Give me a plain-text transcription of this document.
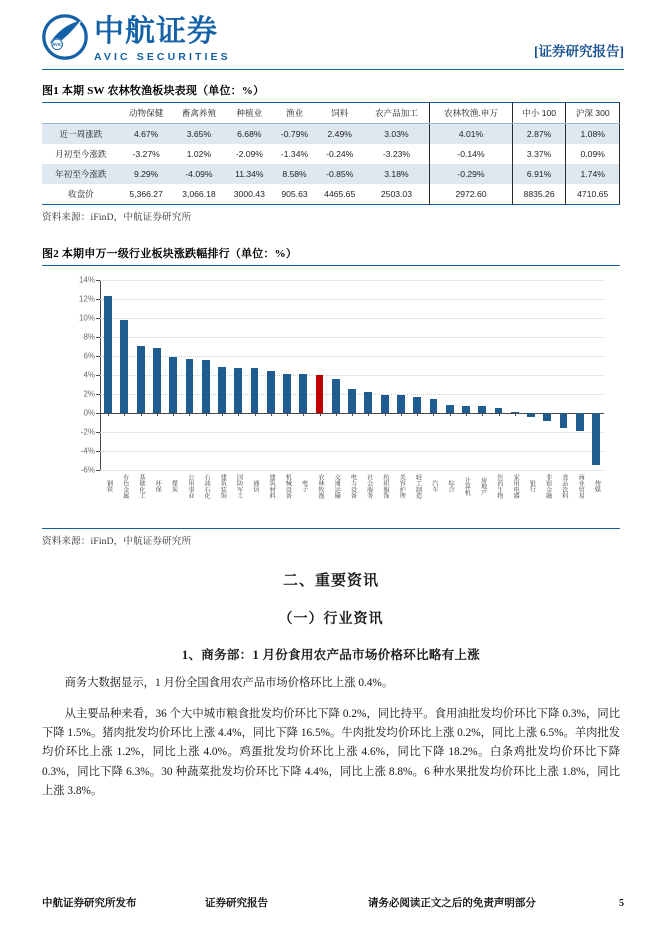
AVIC 中航证券
AVIC SECURITIES	[证券研究报告]
图1 本期 SW 农林牧渔板块表现（单位：%）
	动物保健	畜禽养殖	种植业	渔业	饲料	农产品加工	农林牧渔.申万	中小 100	沪深 300
近一周涨跌	4.67%	3.65%	6.68%	-0.79%	2.49%	3.03%	4.01%	2.87%	1.08%
月初至今涨跌	-3.27%	1.02%	-2.09%	-1.34%	-0.24%	-3.23%	-0.14%	3.37%	0.09%
年初至今涨跌	9.29%	-4.09%	11.34%	8.58%	-0.85%	3.18%	-0.29%	6.91%	1.74%
收盘价	5,366.27	3,066.18	3000.43	905.63	4465.65	2503.03	2972.60	8835.26	4710.65
资料来源：iFinD，中航证券研究所
图2 本期申万一级行业板块涨跌幅排行（单位：%）
-6%
-4%
-2%
0%
2%
4%
6%
8%
10%
12%
14%
钢铁 有色金属 基础化工 环保 煤炭 公用事业 石油石化 建筑装饰 国防军工 通信 建筑材料 机械设备 电子 农林牧渔 交通运输 电力设备 社会服务 纺织服饰 美容护理 轻工制造 汽车 综合 计算机 房地产 医药生物 家用电器 银行 非银金融 食品饮料 商业贸易 传媒
资料来源：iFinD，中航证券研究所
二、重要资讯
（一）行业资讯
1、商务部：1 月份食用农产品市场价格环比略有上涨

商务大数据显示，1 月份全国食用农产品市场价格环比上涨 0.4%。

从主要品种来看，36 个大中城市粮食批发均价环比下降 0.2%，同比持平。食用油批发均价环比下降 0.3%，同比下降 1.5%。猪肉批发均价环比上涨 4.4%，同比下降 16.5%。牛肉批发均价环比上涨 0.2%，同比上涨 6.5%。羊肉批发均价环比上涨 1.2%，同比上涨 4.0%。鸡蛋批发均价环比上涨 4.6%，同比下降 18.2%。白条鸡批发均价环比下降 0.3%，同比下降 6.3%。30 种蔬菜批发均价环比下降 4.4%，同比上涨 8.8%。6 种水果批发均价环比上涨 1.8%，同比上涨 3.8%。

中航证券研究所发布	证券研究报告	请务必阅读正文之后的免责声明部分	5
